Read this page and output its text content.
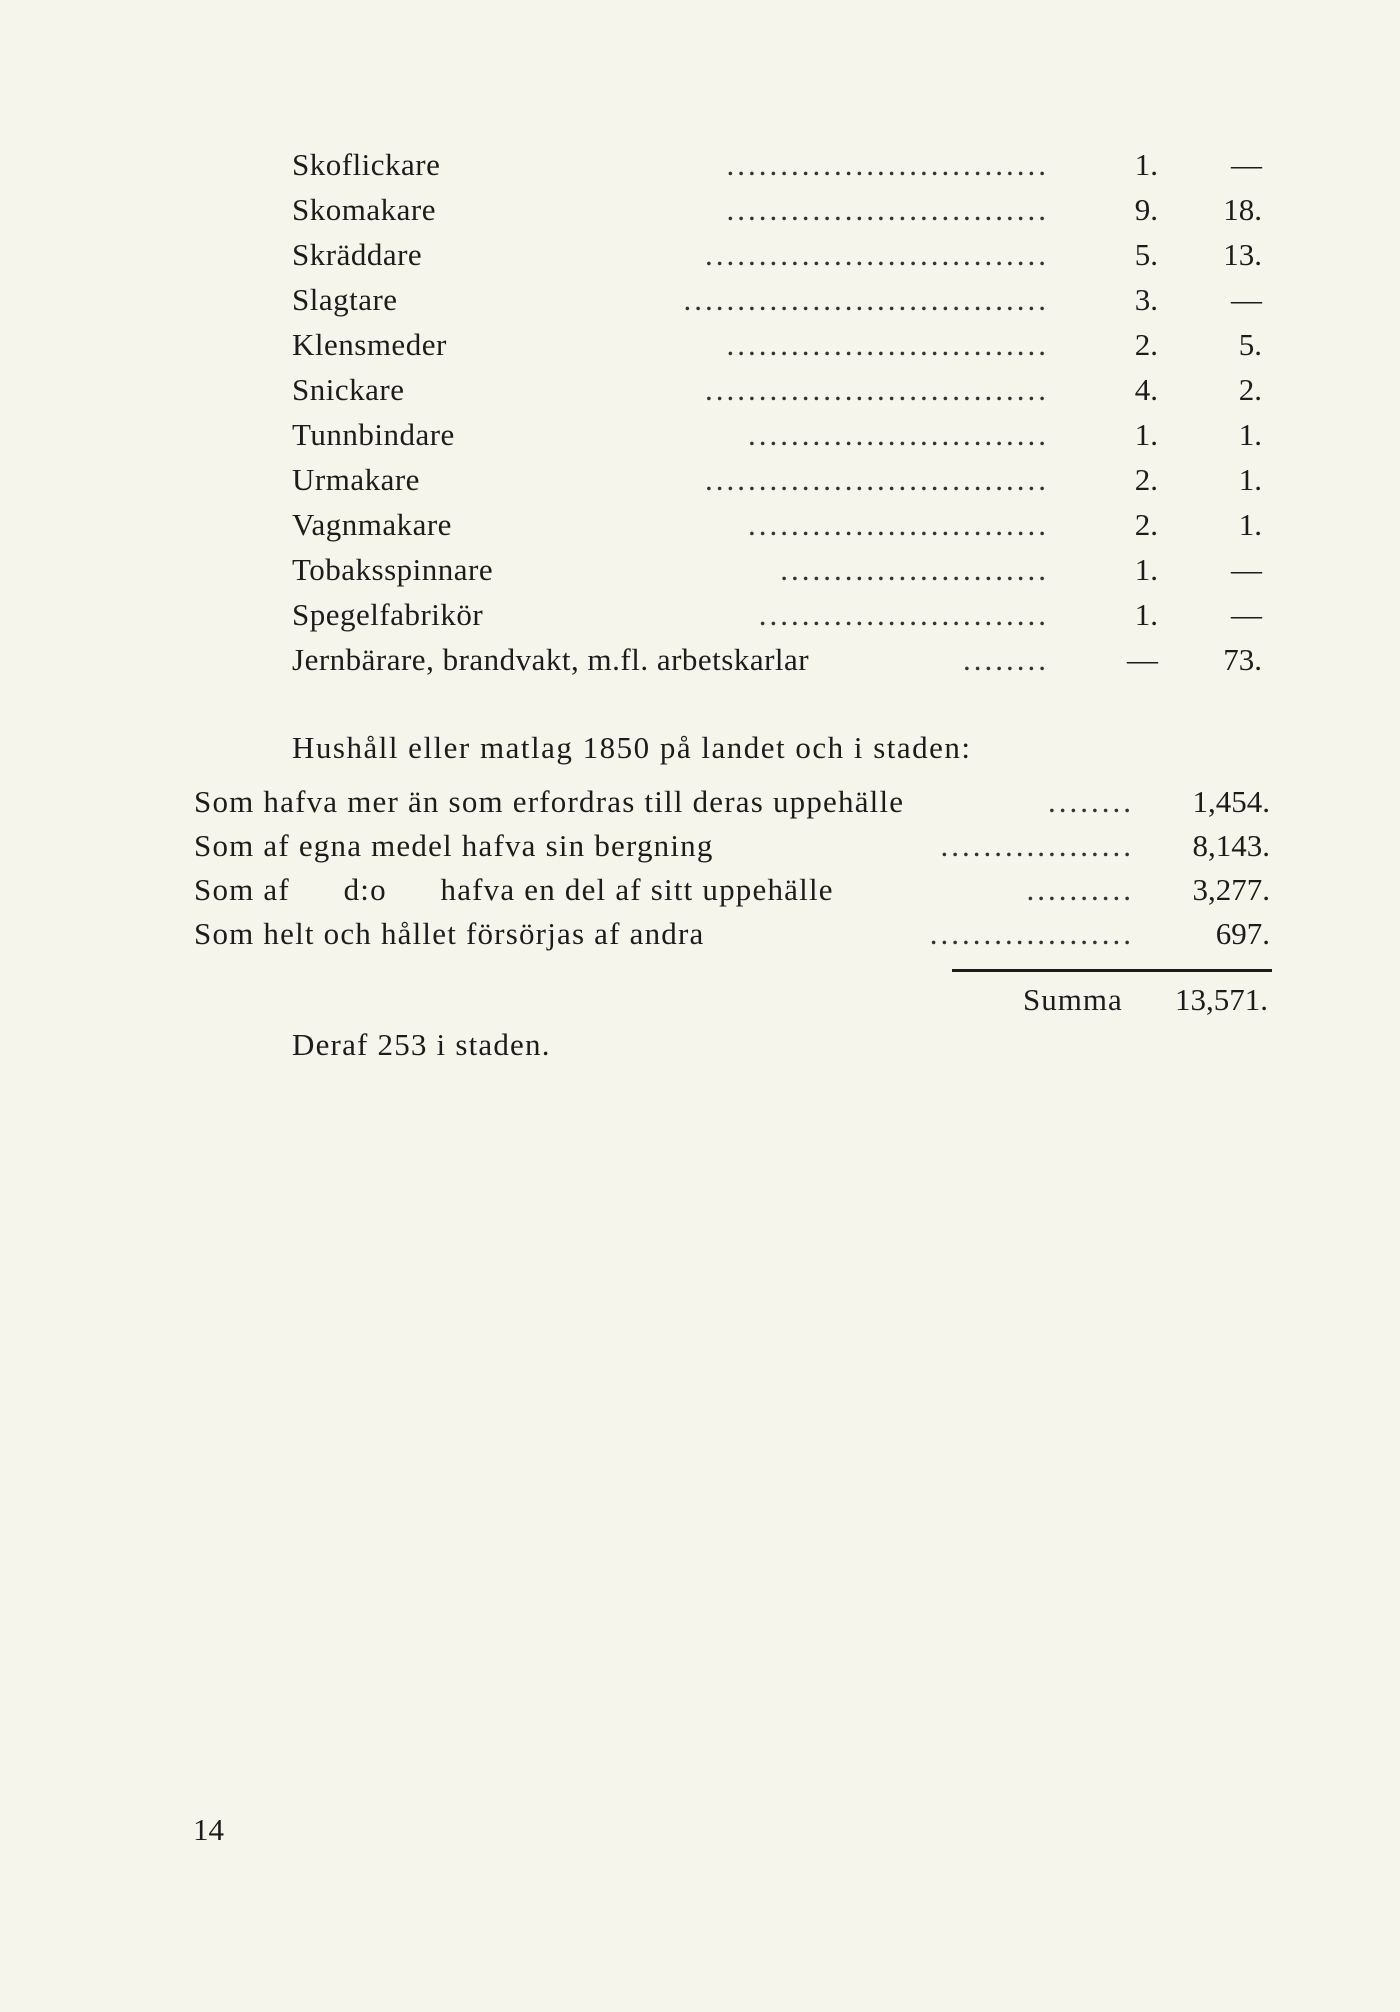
Skoflickare	..............................	1.	—
Skomakare	..............................	9.	18.
Skräddare	................................	5.	13.
Slagtare	..................................	3.	—
Klensmeder	..............................	2.	5.
Snickare	................................	4.	2.
Tunnbindare	............................	1.	1.
Urmakare	................................	2.	1.
Vagnmakare	............................	2.	1.
Tobaksspinnare	.........................	1.	—
Spegelfabrikör	...........................	1.	—
Jernbärare, brandvakt, m.fl. arbetskarlar	........	—	73.
Hushåll eller matlag 1850 på landet och i staden:
Som hafva mer än som erfordras till deras uppehälle	........ 1,454.
Som af egna medel hafva sin bergning	.................. 8,143.
Som af      d:o      hafva en del af sitt uppehälle	.......... 3,277.
Som helt och hållet försörjas af andra	...................	697.
Summa 13,571.
Deraf 253 i staden.
14
